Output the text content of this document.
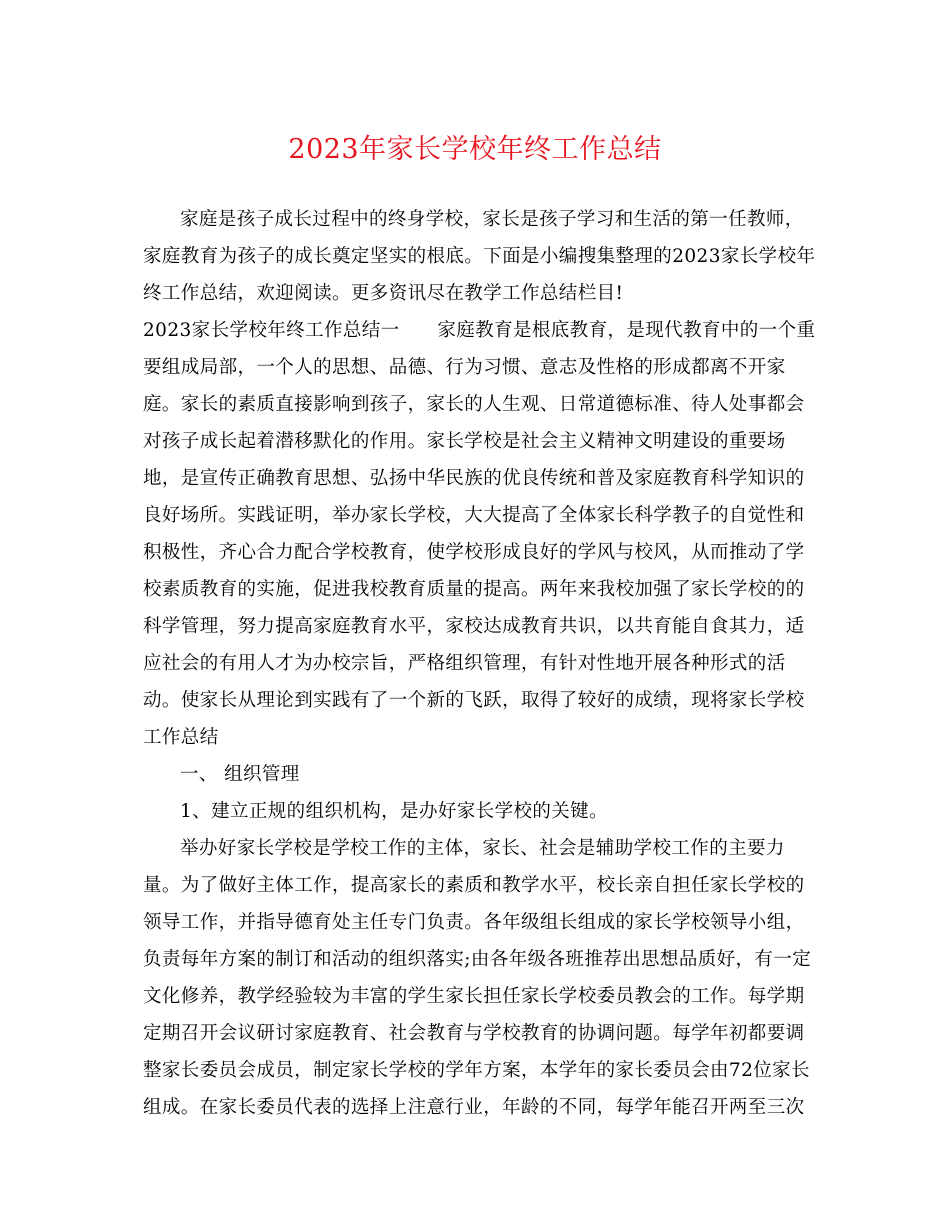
2023年家长学校年终工作总结
家庭是孩子成长过程中的终身学校，家长是孩子学习和生活的第一任教师，
家庭教育为孩子的成长奠定坚实的根底。下面是小编搜集整理的2023家长学校年
终工作总结，欢迎阅读。更多资讯尽在教学工作总结栏目!
2023家长学校年终工作总结一　　家庭教育是根底教育，是现代教育中的一个重
要组成局部，一个人的思想、品德、行为习惯、意志及性格的形成都离不开家
庭。家长的素质直接影响到孩子，家长的人生观、日常道德标准、待人处事都会
对孩子成长起着潜移默化的作用。家长学校是社会主义精神文明建设的重要场
地，是宣传正确教育思想、弘扬中华民族的优良传统和普及家庭教育科学知识的
良好场所。实践证明，举办家长学校，大大提高了全体家长科学教子的自觉性和
积极性，齐心合力配合学校教育，使学校形成良好的学风与校风，从而推动了学
校素质教育的实施，促进我校教育质量的提高。两年来我校加强了家长学校的的
科学管理，努力提高家庭教育水平，家校达成教育共识，以共育能自食其力，适
应社会的有用人才为办校宗旨，严格组织管理，有针对性地开展各种形式的活
动。使家长从理论到实践有了一个新的飞跃，取得了较好的成绩，现将家长学校
工作总结
一、 组织管理
1、建立正规的组织机构，是办好家长学校的关键。
举办好家长学校是学校工作的主体，家长、社会是辅助学校工作的主要力
量。为了做好主体工作，提高家长的素质和教学水平，校长亲自担任家长学校的
领导工作，并指导德育处主任专门负责。各年级组长组成的家长学校领导小组，
负责每年方案的制订和活动的组织落实;由各年级各班推荐出思想品质好，有一定
文化修养，教学经验较为丰富的学生家长担任家长学校委员教会的工作。每学期
定期召开会议研讨家庭教育、社会教育与学校教育的协调问题。每学年初都要调
整家长委员会成员，制定家长学校的学年方案，本学年的家长委员会由72位家长
组成。在家长委员代表的选择上注意行业，年龄的不同，每学年能召开两至三次
